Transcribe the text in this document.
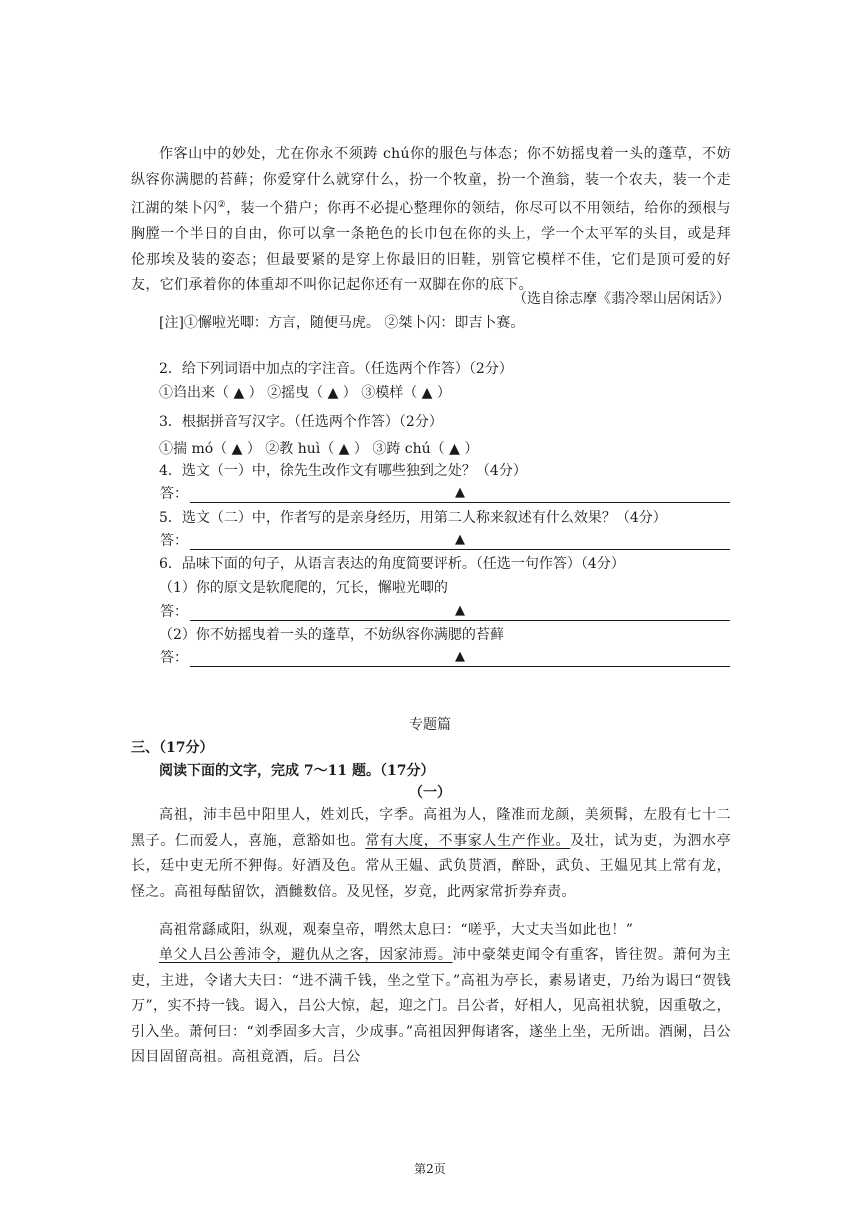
作客山中的妙处，尤在你永不须踌 chú你的服色与体态；你不妨摇曳着一头的蓬草，不妨纵容你满腮的苔藓；你爱穿什么就穿什么，扮一个牧童，扮一个渔翁，装一个农夫，装一个走江湖的桀卜闪②，装一个猎户；你再不必提心整理你的领结，你尽可以不用领结，给你的颈根与胸膛一个半日的自由，你可以拿一条艳色的长巾包在你的头上，学一个太平军的头目，或是拜伦那埃及装的姿态；但最要紧的是穿上你最旧的旧鞋，别管它模样不佳，它们是顶可爱的好友，它们承着你的体重却不叫你记起你还有一双脚在你的底下。
（选自徐志摩《翡冷翠山居闲话》）
[注]①懈啦光唧：方言，随便马虎。 ②桀卜闪：即吉卜赛。
2．给下列词语中加点的字注音。（任选两个作答）（2分）
①诌出来（ ▲ ） ②摇曳（ ▲ ） ③模样（ ▲ ）
3．根据拼音写汉字。（任选两个作答）（2分）
①揣 mó（ ▲ ） ②教 huì（ ▲ ） ③踌 chú（ ▲ ）
4．选文（一）中，徐先生改作文有哪些独到之处？（4分）
答：	▲
5．选文（二）中，作者写的是亲身经历，用第二人称来叙述有什么效果？（4分）
答：	▲
6．品味下面的句子，从语言表达的角度简要评析。（任选一句作答）（4分）
（1）你的原文是软爬爬的，冗长，懈啦光唧的
答：	▲
（2）你不妨摇曳着一头的蓬草，不妨纵容你满腮的苔藓
答：	▲
专题篇
三、（17分）
阅读下面的文字，完成 7～11 题。（17分）
（一）
高祖，沛丰邑中阳里人，姓刘氏，字季。高祖为人，隆准而龙颜，美须髯，左股有七十二黑子。仁而爱人，喜施，意豁如也。常有大度，不事家人生产作业。及壮，试为吏，为泗水亭长，廷中吏无所不狎侮。好酒及色。常从王媪、武负贳酒，醉卧，武负、王媪见其上常有龙，怪之。高祖每酤留饮，酒雠数倍。及见怪，岁竟，此两家常折券弃责。
高祖常繇咸阳，纵观，观秦皇帝，喟然太息曰：“嗟乎，大丈夫当如此也！”
单父人吕公善沛令，避仇从之客，因家沛焉。沛中豪桀吏闻令有重客，皆往贺。萧何为主吏，主进，令诸大夫曰：“进不满千钱，坐之堂下。”高祖为亭长，素易诸吏，乃绐为谒曰“贺钱万”，实不持一钱。谒入，吕公大惊，起，迎之门。吕公者，好相人，见高祖状貌，因重敬之，引入坐。萧何曰：“刘季固多大言，少成事。”高祖因狎侮诸客，遂坐上坐，无所诎。酒阑，吕公因目固留高祖。高祖竟酒，后。吕公
第2页
